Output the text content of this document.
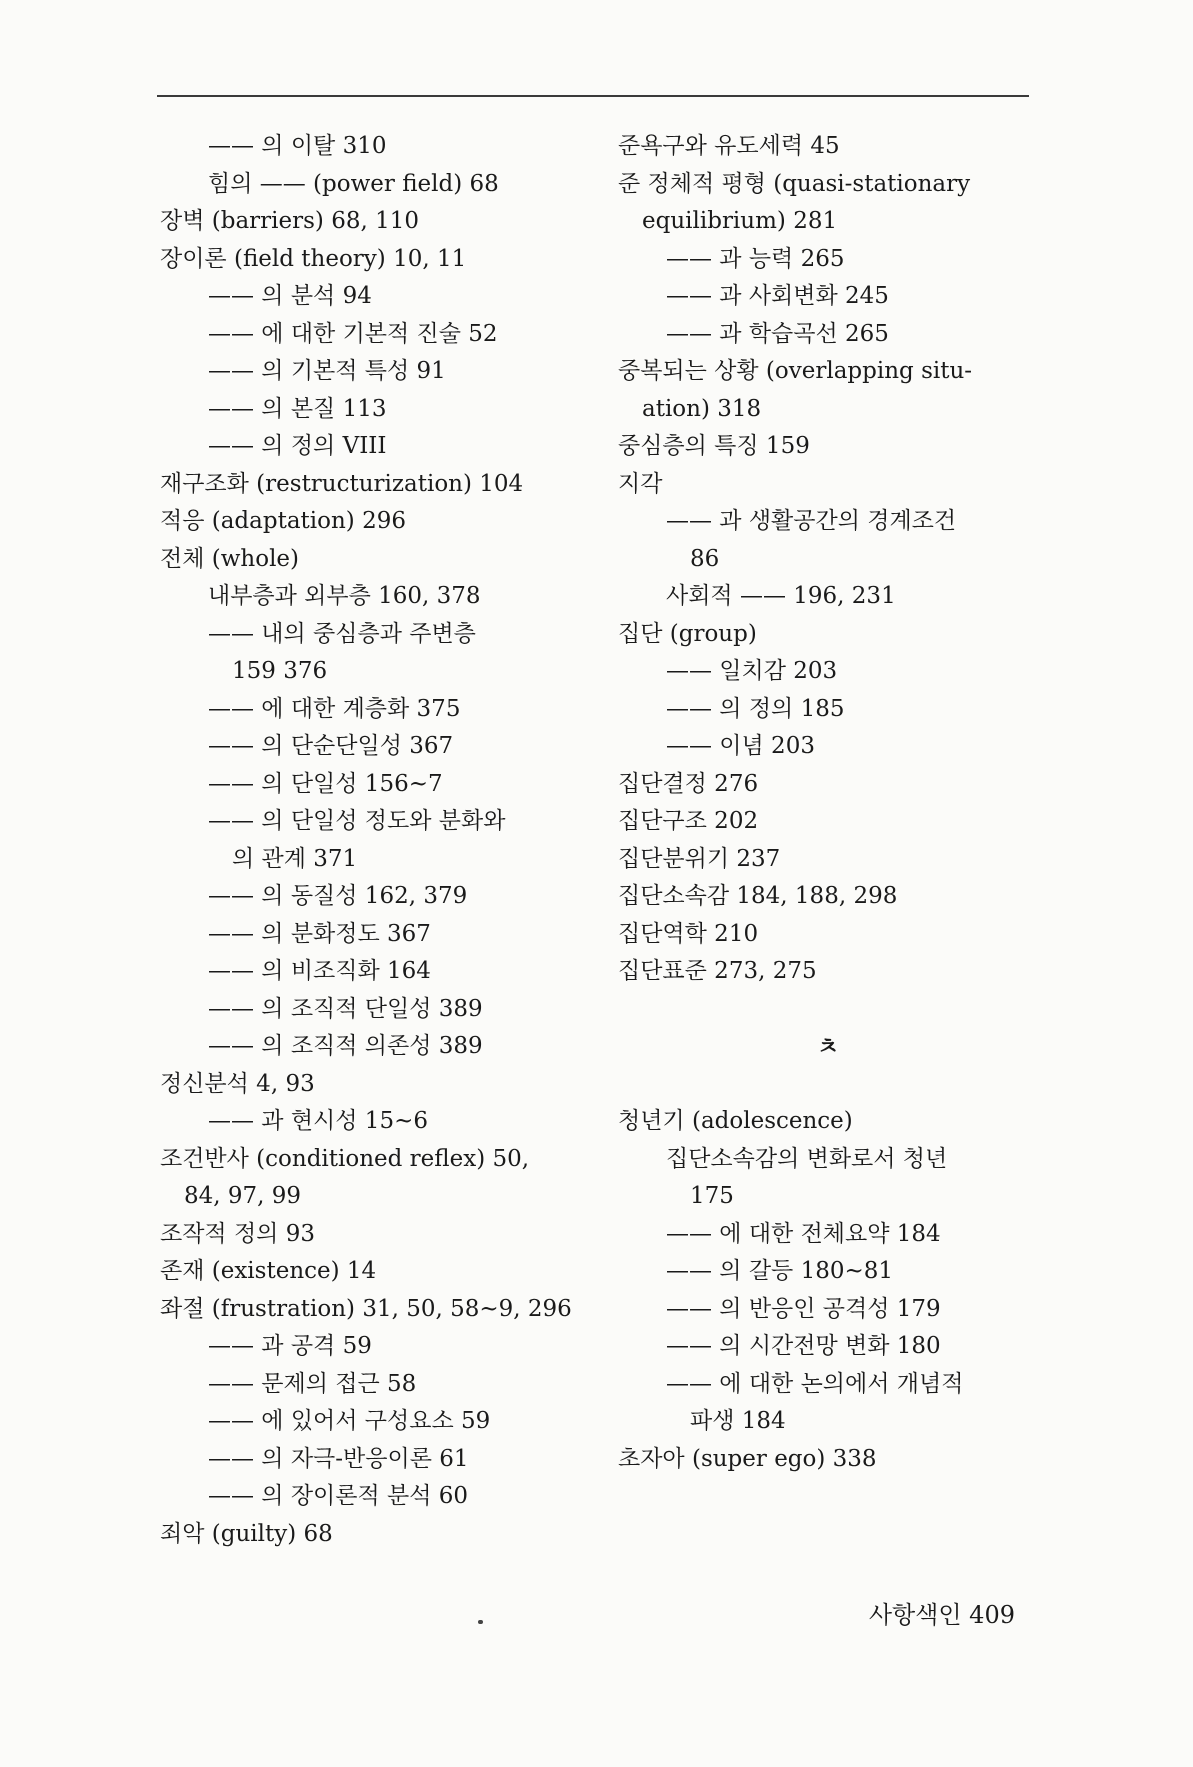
—— 의 이탈 310
힘의 —— (power field) 68
장벽 (barriers) 68, 110
장이론 (field theory) 10, 11
—— 의 분석 94
—— 에 대한 기본적 진술 52
—— 의 기본적 특성 91
—— 의 본질 113
—— 의 정의 VIII
재구조화 (restructurization) 104
적응 (adaptation) 296
전체 (whole)
내부층과 외부층 160, 378
—— 내의 중심층과 주변층
159 376
—— 에 대한 계층화 375
—— 의 단순단일성 367
—— 의 단일성 156~7
—— 의 단일성 정도와 분화와
의 관계 371
—— 의 동질성 162, 379
—— 의 분화정도 367
—— 의 비조직화 164
—— 의 조직적 단일성 389
—— 의 조직적 의존성 389
정신분석 4, 93
—— 과 현시성 15~6
조건반사 (conditioned reflex) 50,
84, 97, 99
조작적 정의 93
존재 (existence) 14
좌절 (frustration) 31, 50, 58~9, 296
—— 과 공격 59
—— 문제의 접근 58
—— 에 있어서 구성요소 59
—— 의 자극-반응이론 61
—— 의 장이론적 분석 60
죄악 (guilty) 68
준욕구와 유도세력 45
준 정체적 평형 (quasi-stationary
equilibrium) 281
—— 과 능력 265
—— 과 사회변화 245
—— 과 학습곡선 265
중복되는 상황 (overlapping situ-
ation) 318
중심층의 특징 159
지각
—— 과 생활공간의 경계조건
86
사회적 —— 196, 231
집단 (group)
—— 일치감 203
—— 의 정의 185
—— 이념 203
집단결정 276
집단구조 202
집단분위기 237
집단소속감 184, 188, 298
집단역학 210
집단표준 273, 275
ㅊ
청년기 (adolescence)
집단소속감의 변화로서 청년
175
—— 에 대한 전체요약 184
—— 의 갈등 180~81
—— 의 반응인 공격성 179
—— 의 시간전망 변화 180
—— 에 대한 논의에서 개념적
파생 184
초자아 (super ego) 338
사항색인 409
